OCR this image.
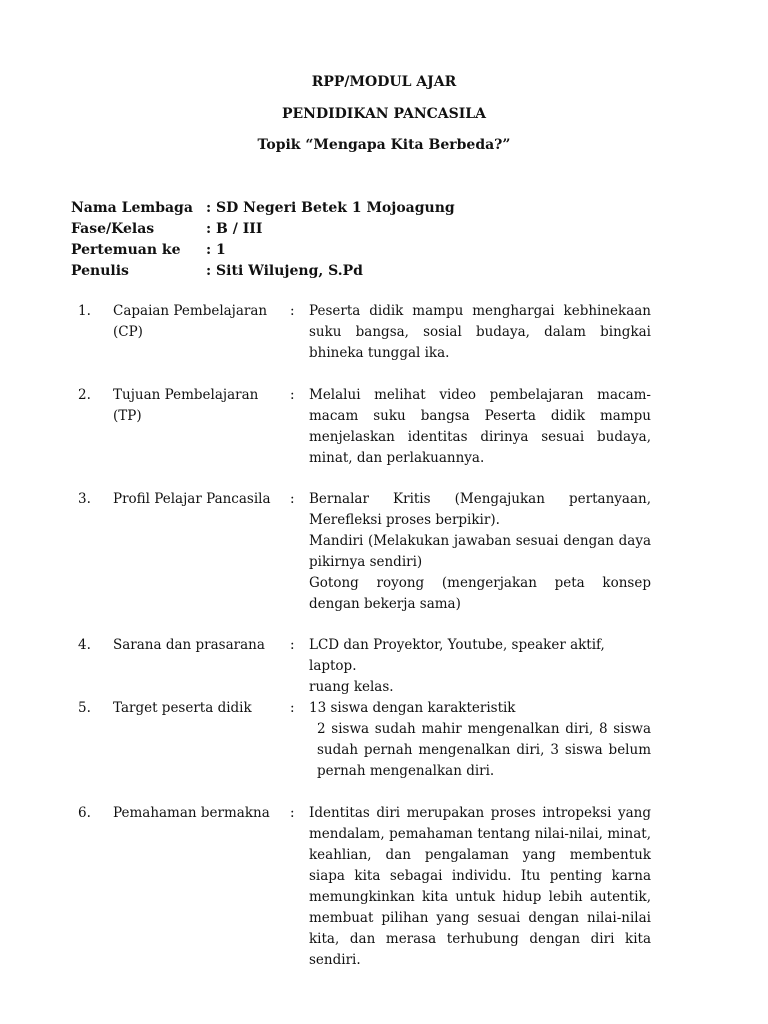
RPP/MODUL AJAR
PENDIDIKAN PANCASILA
Topik “Mengapa Kita Berbeda?”
Nama Lembaga : SD Negeri Betek 1 Mojoagung
Fase/Kelas	: B / III
Pertemuan ke	: 1
Penulis	: Siti Wilujeng, S.Pd
1. Capaian Pembelajaran (CP)
: Peserta didik mampu menghargai kebhinekaan suku bangsa, sosial budaya, dalam bingkai bhineka tunggal ika.

2. Tujuan Pembelajaran (TP)
: Melalui melihat video pembelajaran macam-macam suku bangsa Peserta didik mampu menjelaskan identitas dirinya sesuai budaya, minat, dan perlakuannya.

3. Profil Pelajar Pancasila	: Bernalar Kritis (Mengajukan pertanyaan, Merefleksi proses berpikir).

Mandiri (Melakukan jawaban sesuai dengan daya pikirnya sendiri)

Gotong royong (mengerjakan peta konsep dengan bekerja sama)

4. Sarana dan prasarana	: LCD dan Proyektor, Youtube, speaker aktif, laptop.

ruang kelas.

5. Target peserta didik	: 13 siswa dengan karakteristik

2 siswa sudah mahir mengenalkan diri, 8 siswa sudah pernah mengenalkan diri, 3 siswa belum pernah mengenalkan diri.

6. Pemahaman bermakna	: Identitas diri merupakan proses intropeksi yang mendalam, pemahaman tentang nilai-nilai, minat, keahlian, dan pengalaman yang membentuk siapa kita sebagai individu. Itu penting karna memungkinkan kita untuk hidup lebih autentik, membuat pilihan yang sesuai dengan nilai-nilai kita, dan merasa terhubung dengan diri kita sendiri.
